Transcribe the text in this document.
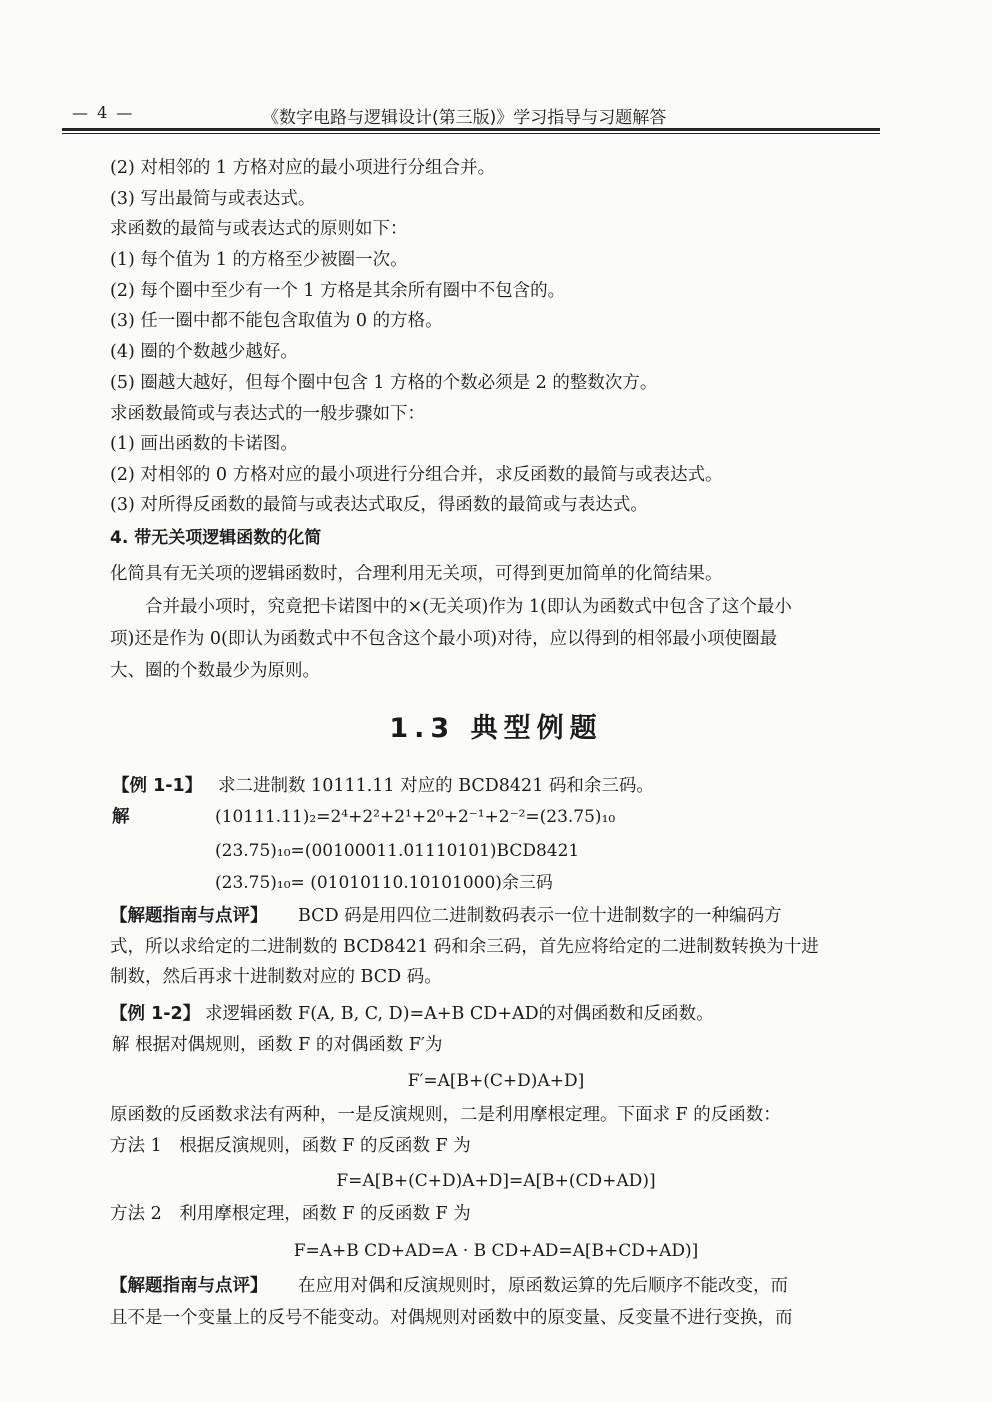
— 4 —	《数字电路与逻辑设计(第三版)》学习指导与习题解答
(2) 对相邻的 1 方格对应的最小项进行分组合并。
(3) 写出最简与或表达式。
求函数的最简与或表达式的原则如下：
(1) 每个值为 1 的方格至少被圈一次。
(2) 每个圈中至少有一个 1 方格是其余所有圈中不包含的。
(3) 任一圈中都不能包含取值为 0 的方格。
(4) 圈的个数越少越好。
(5) 圈越大越好，但每个圈中包含 1 方格的个数必须是 2 的整数次方。
求函数最简或与表达式的一般步骤如下：
(1) 画出函数的卡诺图。
(2) 对相邻的 0 方格对应的最小项进行分组合并，求反函数的最简与或表达式。
(3) 对所得反函数的最简与或表达式取反，得函数的最简或与表达式。
4. 带无关项逻辑函数的化简
化简具有无关项的逻辑函数时，合理利用无关项，可得到更加简单的化简结果。
合并最小项时，究竟把卡诺图中的×(无关项)作为 1(即认为函数式中包含了这个最小
项)还是作为 0(即认为函数式中不包含这个最小项)对待，应以得到的相邻最小项使圈最
大、圈的个数最少为原则。
1.3 典型例题
【例 1-1】 求二进制数 10111.11 对应的 BCD8421 码和余三码。
解	(10111.11)₂=2⁴+2²+2¹+2⁰+2⁻¹+2⁻²=(23.75)₁₀
(23.75)₁₀=(00100011.01110101)BCD8421
(23.75)₁₀= (01010110.10101000)余三码
【解题指南与点评】 BCD 码是用四位二进制数码表示一位十进制数字的一种编码方
式，所以求给定的二进制数的 BCD8421 码和余三码，首先应将给定的二进制数转换为十进
制数，然后再求十进制数对应的 BCD 码。
【例 1-2】 求逻辑函数 F(A, B, C, D)=A+B CD+AD的对偶函数和反函数。
解 根据对偶规则，函数 F 的对偶函数 F′为
F′=A[B+(C+D)A+D]
原函数的反函数求法有两种，一是反演规则，二是利用摩根定理。下面求 F 的反函数：
方法 1　根据反演规则，函数 F 的反函数 F 为
F=A[B+(C+D)A+D]=A[B+(CD+AD)]
方法 2　利用摩根定理，函数 F 的反函数 F 为
F=A+B CD+AD=A · B CD+AD=A[B+CD+AD)]
【解题指南与点评】 在应用对偶和反演规则时，原函数运算的先后顺序不能改变，而
且不是一个变量上的反号不能变动。对偶规则对函数中的原变量、反变量不进行变换，而
